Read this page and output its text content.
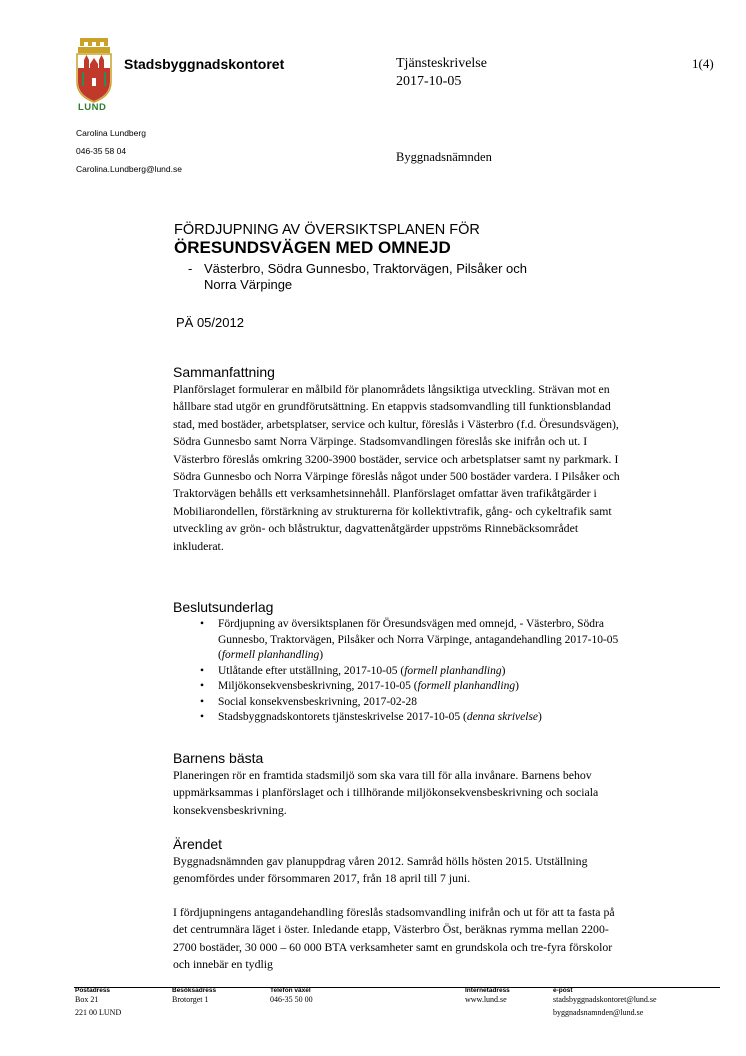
LUND
Stadsbyggnadskontoret	Tjänsteskrivelse
2017-10-05
1(4)
Carolina Lundberg
046-35 58 04
Carolina.Lundberg@lund.se
Byggnadsnämnden
FÖRDJUPNING AV ÖVERSIKTSPLANEN FÖR
ÖRESUNDSVÄGEN MED OMNEJD
- Västerbro, Södra Gunnesbo, Traktorvägen, Pilsåker och Norra Värpinge
PÄ 05/2012
Sammanfattning

Planförslaget formulerar en målbild för planområdets långsiktiga utveckling. Strävan mot en hållbare stad utgör en grundförutsättning. En etappvis stadsomvandling till funktionsblandad stad, med bostäder, arbetsplatser, service och kultur, föreslås i Västerbro (f.d. Öresundsvägen), Södra Gunnesbo samt Norra Värpinge. Stadsomvandlingen föreslås ske inifrån och ut. I Västerbro föreslås omkring 3200-3900 bostäder, service och arbetsplatser samt ny parkmark. I Södra Gunnesbo och Norra Värpinge föreslås något under 500 bostäder vardera. I Pilsåker och Traktorvägen behålls ett verksamhetsinnehåll. Planförslaget omfattar även trafikåtgärder i Mobiliarondellen, förstärkning av strukturerna för kollektivtrafik, gång- och cykeltrafik samt utveckling av grön- och blåstruktur, dagvattenåtgärder uppströms Rinnebäcksområdet inkluderat.

Beslutsunderlag
• Fördjupning av översiktsplanen för Öresundsvägen med omnejd, - Västerbro, Södra Gunnesbo, Traktorvägen, Pilsåker och Norra Värpinge, antagandehandling 2017-10-05 (formell planhandling)
• Utlåtande efter utställning, 2017-10-05 (formell planhandling)
• Miljökonsekvensbeskrivning, 2017-10-05 (formell planhandling)
• Social konsekvensbeskrivning, 2017-02-28
• Stadsbyggnadskontorets tjänsteskrivelse 2017-10-05 (denna skrivelse)
Barnens bästa

Planeringen rör en framtida stadsmiljö som ska vara till för alla invånare. Barnens behov uppmärksammas i planförslaget och i tillhörande miljökonsekvensbeskrivning och sociala konsekvensbeskrivning.

Ärendet

Byggnadsnämnden gav planuppdrag våren 2012. Samråd hölls hösten 2015. Utställning genomfördes under försommaren 2017, från 18 april till 7 juni.

I fördjupningens antagandehandling föreslås stadsomvandling inifrån och ut för att ta fasta på det centrumnära läget i öster. Inledande etapp, Västerbro Öst, beräknas rymma mellan 2200-2700 bostäder, 30 000 – 60 000 BTA verksamheter samt en grundskola och tre-fyra förskolor och innebär en tydlig

Postadress
Box 21
221 00 LUND
Besöksadress
Brotorget 1
Telefon växel
046-35 50 00
Internetadress
www.lund.se
e-post
stadsbyggnadskontoret@lund.se
byggnadsnamnden@lund.se
